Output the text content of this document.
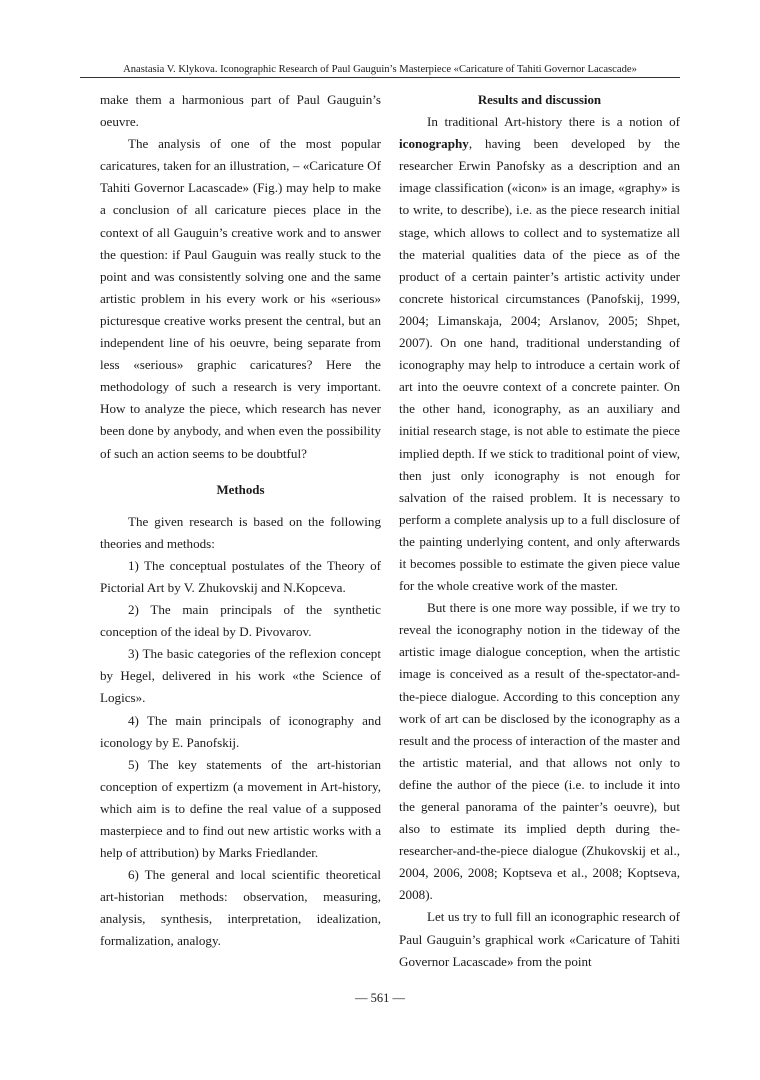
Anastasia V. Klykova. Iconographic Research of Paul Gauguin’s Masterpiece «Caricature of Tahiti Governor Lacascade»

make them a harmonious part of Paul Gauguin’s oeuvre.

The analysis of one of the most popular caricatures, taken for an illustration, – «Caricature Of Tahiti Governor Lacascade» (Fig.) may help to make a conclusion of all caricature pieces place in the context of all Gauguin’s creative work and to answer the question: if Paul Gauguin was really stuck to the point and was consistently solving one and the same artistic problem in his every work or his «serious» picturesque creative works present the central, but an independent line of his oeuvre, being separate from less «serious» graphic caricatures? Here the methodology of such a research is very important. How to analyze the piece, which research has never been done by anybody, and when even the possibility of such an action seems to be doubtful?

Methods

The given research is based on the following theories and methods:

1) The conceptual postulates of the Theory of Pictorial Art by V. Zhukovskij and N.Kopceva.

2) The main principals of the synthetic conception of the ideal by D. Pivovarov.

3) The basic categories of the reflexion concept by Hegel, delivered in his work «the Science of Logics».

4) The main principals of iconography and iconology by E. Panofskij.

5) The key statements of the art-historian conception of expertizm (a movement in Art-history, which aim is to define the real value of a supposed masterpiece and to find out new artistic works with a help of attribution) by Marks Friedlander.

6) The general and local scientific theoretical art-historian methods: observation, measuring, analysis, synthesis, interpretation, idealization, formalization, analogy.

Results and discussion

In traditional Art-history there is a notion of iconography, having been developed by the researcher Erwin Panofsky as a description and an image classification («icon» is an image, «graphy» is to write, to describe), i.e. as the piece research initial stage, which allows to collect and to systematize all the material qualities data of the piece as of the product of a certain painter’s artistic activity under concrete historical circumstances (Panofskij, 1999, 2004; Limanskaja, 2004; Arslanov, 2005; Shpet, 2007). On one hand, traditional understanding of iconography may help to introduce a certain work of art into the oeuvre context of a concrete painter. On the other hand, iconography, as an auxiliary and initial research stage, is not able to estimate the piece implied depth. If we stick to traditional point of view, then just only iconography is not enough for salvation of the raised problem. It is necessary to perform a complete analysis up to a full disclosure of the painting underlying content, and only afterwards it becomes possible to estimate the given piece value for the whole creative work of the master.

But there is one more way possible, if we try to reveal the iconography notion in the tideway of the artistic image dialogue conception, when the artistic image is conceived as a result of the-spectator-and-the-piece dialogue. According to this conception any work of art can be disclosed by the iconography as a result and the process of interaction of the master and the artistic material, and that allows not only to define the author of the piece (i.e. to include it into the general panorama of the painter’s oeuvre), but also to estimate its implied depth during the-researcher-and-the-piece dialogue (Zhukovskij et al., 2004, 2006, 2008; Koptseva et al., 2008; Koptseva, 2008).

Let us try to full fill an iconographic research of Paul Gauguin’s graphical work «Caricature of Tahiti Governor Lacascade» from the point

— 561 —
